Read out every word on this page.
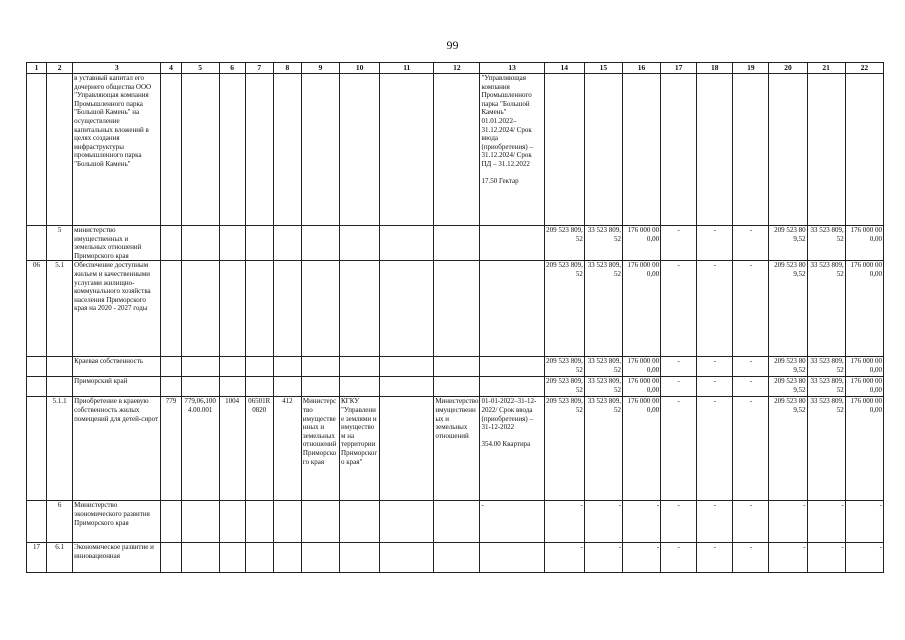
99
1	2	3	4	5	6	7	8	9	10	11	12	13	14	15	16	17	18	19	20	21	22

		в уставный капитал его дочернего общества ООО "Управляющая компания Промышленного парка "Большой Камень" на осуществление капитальных вложений в целях создания инфраструктуры промышленного парка "Большой Камень"										"Управляющая компания Промышленного парка "Большой Камень" 01.01.2022–31.12.2024/ Срок ввода (приобретения) – 31.12.2024/ Срок ПД – 31.12.2022
17.50 Гектар									

	5	министерство имущественных и земельных отношений Приморского края											209 523 809,52	33 523 809,52	176 000 000,00	-	-	-	209 523 809,52	33 523 809,52	176 000 000,00

06	5.1	Обеспечение доступным жильем и качественными услугами жилищно-коммунального хозяйства населения Приморского края на 2020 - 2027 годы											209 523 809,52	33 523 809,52	176 000 000,00	-	-	-	209 523 809,52	33 523 809,52	176 000 000,00

		Краевая собственность											209 523 809,52	33 523 809,52	176 000 000,00	-	-	-	209 523 809,52	33 523 809,52	176 000 000,00

		Приморский край											209 523 809,52	33 523 809,52	176 000 000,00	-	-	-	209 523 809,52	33 523 809,52	176 000 000,00

	5.1.1	Приобретение в краевую собственность жилых помещений для детей-сирот	779	779,06,1004.00.001	1004	06501R0820	412	Министерство имущественных и земельных отношений Приморского края	КГКУ "Управление землями и имуществом на территории Приморского края"		Министерство имущественных и земельных отношений	01-01-2022–31-12-2022/ Срок ввода (приобретения) – 31-12-2022
354.00 Квартира	209 523 809,52	33 523 809,52	176 000 000,00	-	-	-	209 523 809,52	33 523 809,52	176 000 000,00

	6	Министерство экономического развития Приморского края										-	-	-	-	-	-	-	-	-	-

17	6.1	Экономическое развитие и инновационная											-	-	-	-	-	-	-	-	-
